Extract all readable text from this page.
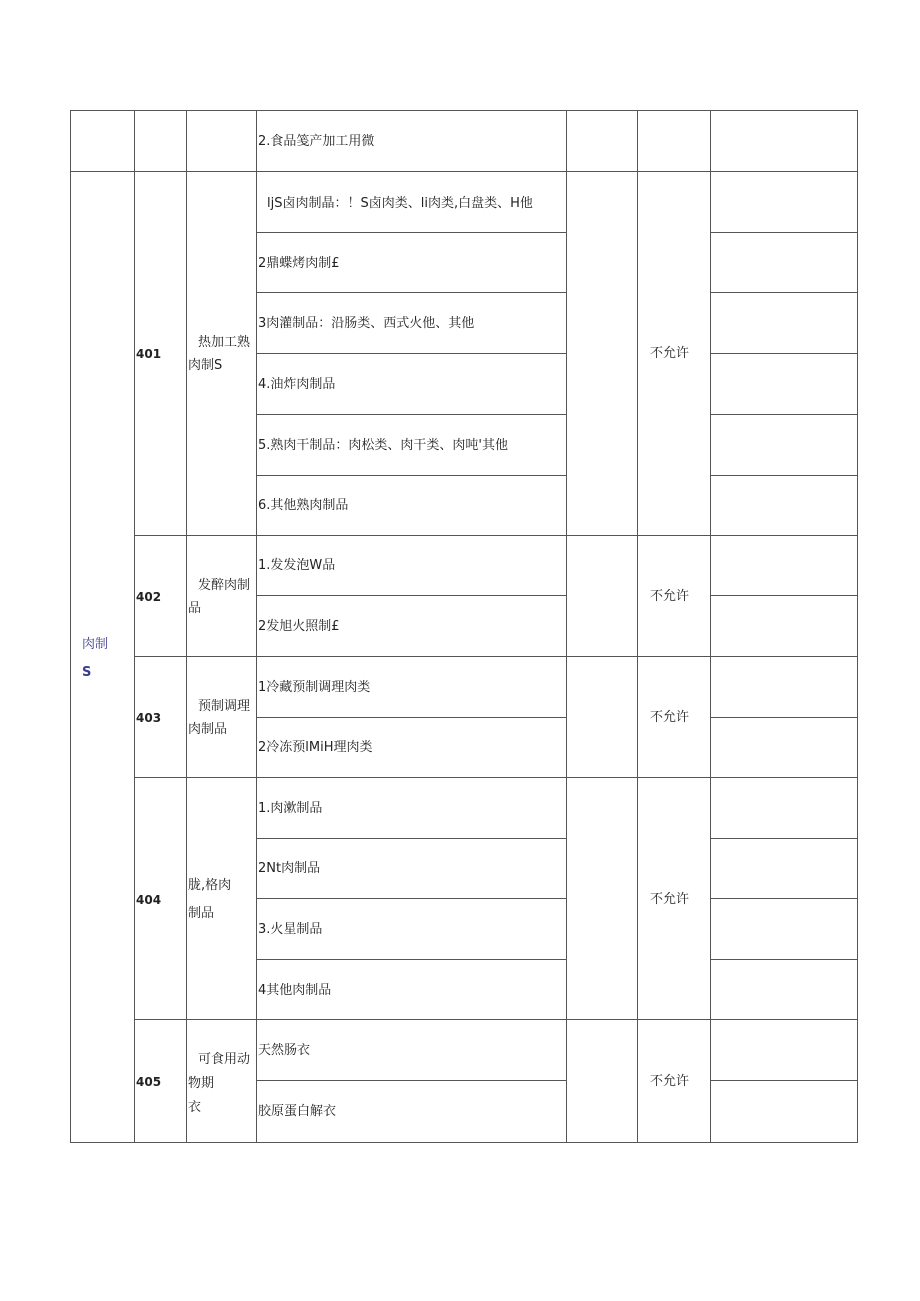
2.食品笺产加工用微
肉制
S
401
热加工熟
肉制S
ljS卤肉制晶：！S卤肉类、li肉类,白盘类、H他
2鼎蝶烤肉制£
3肉灌制品：沿肠类、西式火他、其他
4.油炸肉制品
5.熟肉干制品：肉松类、肉干类、肉吨'其他
6.其他熟肉制品
不允许
402
发醉肉制
品
1.发发泡W品
2发旭火照制£
不允许
403
预制调理
肉制品
1冷藏预制调理肉类
2冷冻预lMiH理肉类
不允许
404
胧,格肉
制品
1.肉漱制品
2Nt肉制品
3.火星制品
4其他肉制品
不允许
405
可食用动
物期
衣
天然肠衣
胶原蛋白解衣
不允许
